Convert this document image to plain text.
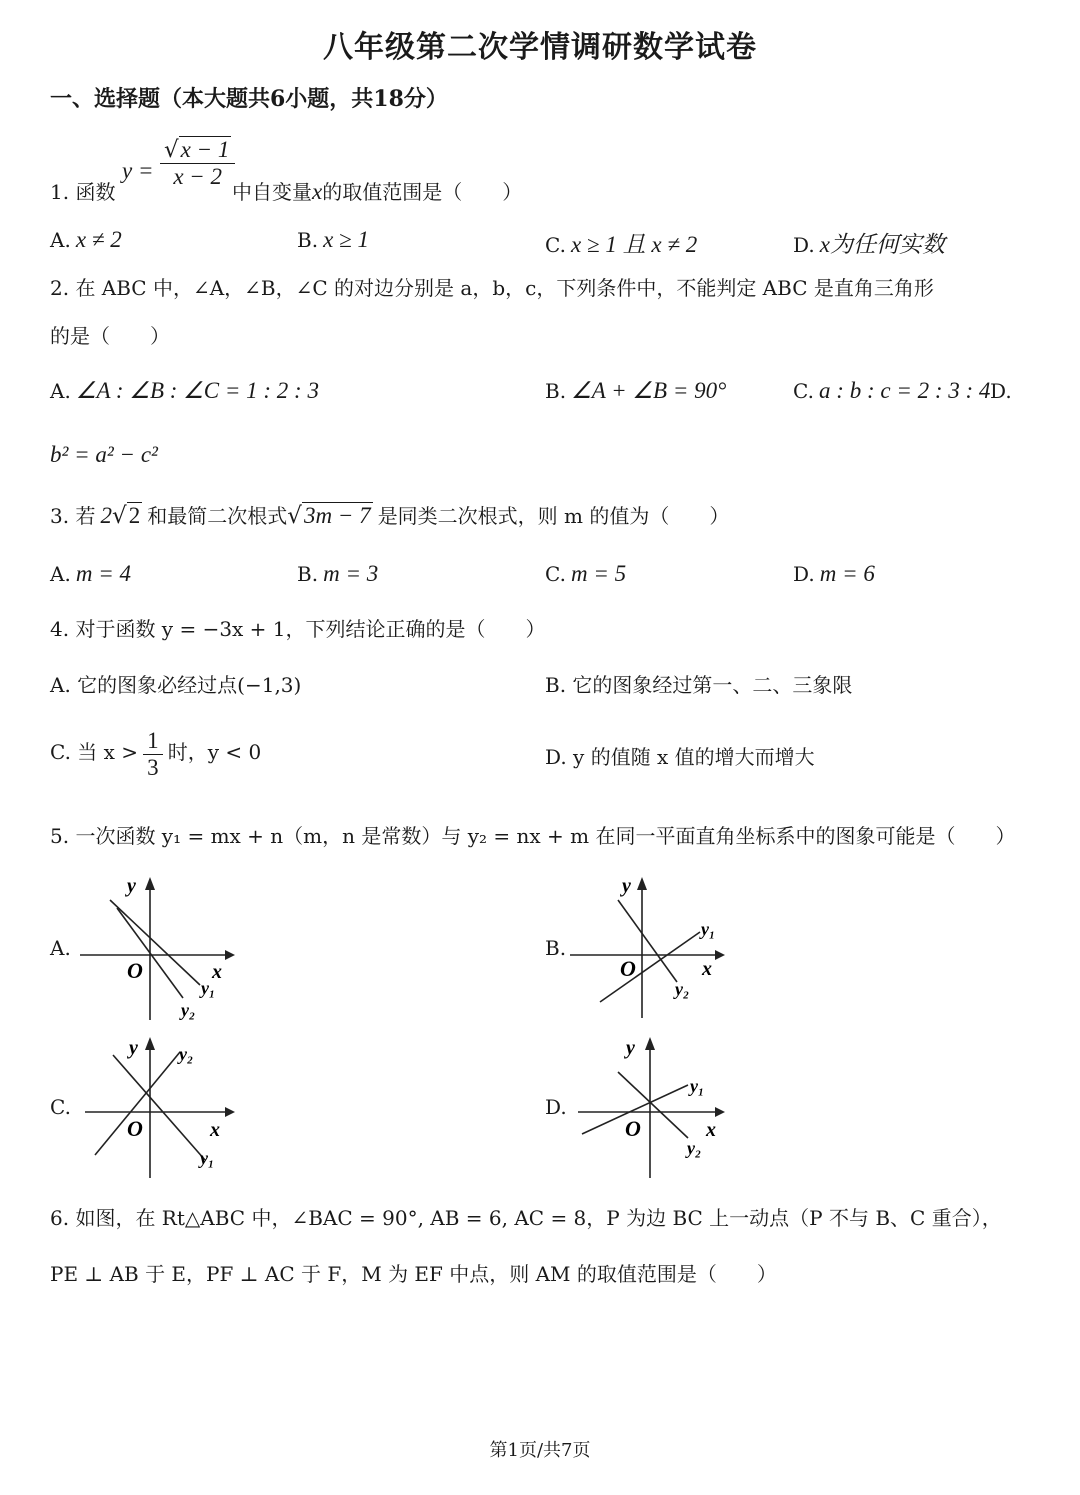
八年级第二次学情调研数学试卷
一、选择题（本大题共6小题，共18分）
1. 函数
$y = \frac{√x - 1}{x - 2}$
中自变量x的取值范围是（　　）
A. x ≠ 2	B. x ≥ 1	C. x ≥ 1 且 x ≠ 2	D. x为任何实数
2. 在 ABC 中，∠A，∠B，∠C 的对边分别是 a，b，c，下列条件中，不能判定 ABC 是直角三角形
的是（　　）
A. ∠A : ∠B : ∠C = 1 : 2 : 3	B. ∠A + ∠B = 90°	C. a : b : c = 2 : 3 : 4 D.
b² = a² − c²
3. 若 2√2 和最简二次根式√3m − 7 是同类二次根式，则 m 的值为（　　）
A. m = 4	B. m = 3	C. m = 5	D. m = 6
4. 对于函数 y = −3x + 1，下列结论正确的是（　　）
A. 它的图象必经过点(−1,3)	B. 它的图象经过第一、二、三象限
C. 当 $x > \frac{1}{3}$ 时，y < 0	D. y 的值随 x 值的增大而增大
5. 一次函数 y₁ = mx + n（m，n 是常数）与 y₂ = nx + m 在同一平面直角坐标系中的图象可能是（　　）
A.	B.
C.	D.
y
x
O
y₁
y₂
y
x
O
y₁
y₂
y
x
O
y₂
y₁
y
x
O
y₁
y₂
6. 如图，在 Rt△ABC 中，∠BAC = 90°, AB = 6, AC = 8，P 为边 BC 上一动点（P 不与 B、C 重合），
PE ⊥ AB 于 E，PF ⊥ AC 于 F，M 为 EF 中点，则 AM 的取值范围是（　　）
第1页/共7页
